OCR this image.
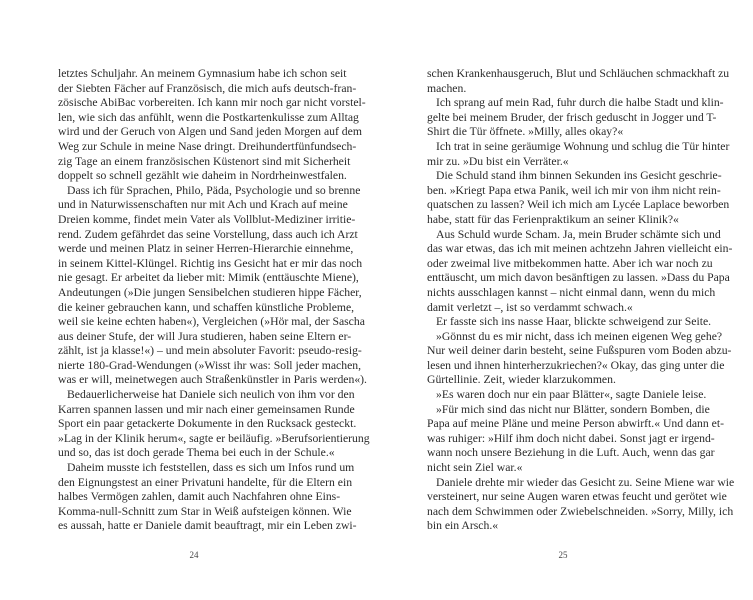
letztes Schuljahr. An meinem Gymnasium habe ich schon seit
der Siebten Fächer auf Französisch, die mich aufs deutsch-fran-
zösische AbiBac vorbereiten. Ich kann mir noch gar nicht vorstel-
len, wie sich das anfühlt, wenn die Postkartenkulisse zum Alltag
wird und der Geruch von Algen und Sand jeden Morgen auf dem
Weg zur Schule in meine Nase dringt. Dreihundertfünfundsech-
zig Tage an einem französischen Küstenort sind mit Sicherheit
doppelt so schnell gezählt wie daheim in Nordrheinwestfalen.
Dass ich für Sprachen, Philo, Päda, Psychologie und so brenne
und in Naturwissenschaften nur mit Ach und Krach auf meine
Dreien komme, findet mein Vater als Vollblut-Mediziner irritie-
rend. Zudem gefährdet das seine Vorstellung, dass auch ich Arzt
werde und meinen Platz in seiner Herren-Hierarchie einnehme,
in seinem Kittel-Klüngel. Richtig ins Gesicht hat er mir das noch
nie gesagt. Er arbeitet da lieber mit: Mimik (enttäuschte Miene),
Andeutungen (»Die jungen Sensibelchen studieren hippe Fächer,
die keiner gebrauchen kann, und schaffen künstliche Probleme,
weil sie keine echten haben«), Vergleichen (»Hör mal, der Sascha
aus deiner Stufe, der will Jura studieren, haben seine Eltern er-
zählt, ist ja klasse!«) – und mein absoluter Favorit: pseudo-resig-
nierte 180-Grad-Wendungen (»Wisst ihr was: Soll jeder machen,
was er will, meinetwegen auch Straßenkünstler in Paris werden«).
Bedauerlicherweise hat Daniele sich neulich von ihm vor den
Karren spannen lassen und mir nach einer gemeinsamen Runde
Sport ein paar getackerte Dokumente in den Rucksack gesteckt.
»Lag in der Klinik herum«, sagte er beiläufig. »Berufsorientierung
und so, das ist doch gerade Thema bei euch in der Schule.«
Daheim musste ich feststellen, dass es sich um Infos rund um
den Eignungstest an einer Privatuni handelte, für die Eltern ein
halbes Vermögen zahlen, damit auch Nachfahren ohne Eins-
Komma-null-Schnitt zum Star in Weiß aufsteigen können. Wie
es aussah, hatte er Daniele damit beauftragt, mir ein Leben zwi-
24
schen Krankenhausgeruch, Blut und Schläuchen schmackhaft zu
machen.
Ich sprang auf mein Rad, fuhr durch die halbe Stadt und klin-
gelte bei meinem Bruder, der frisch geduscht in Jogger und T-
Shirt die Tür öffnete. »Milly, alles okay?«
Ich trat in seine geräumige Wohnung und schlug die Tür hinter
mir zu. »Du bist ein Verräter.«
Die Schuld stand ihm binnen Sekunden ins Gesicht geschrie-
ben. »Kriegt Papa etwa Panik, weil ich mir von ihm nicht rein-
quatschen zu lassen? Weil ich mich am Lycée Laplace beworben
habe, statt für das Ferienpraktikum an seiner Klinik?«
Aus Schuld wurde Scham. Ja, mein Bruder schämte sich und
das war etwas, das ich mit meinen achtzehn Jahren vielleicht ein-
oder zweimal live mitbekommen hatte. Aber ich war noch zu
enttäuscht, um mich davon besänftigen zu lassen. »Dass du Papa
nichts ausschlagen kannst – nicht einmal dann, wenn du mich
damit verletzt –, ist so verdammt schwach.«
Er fasste sich ins nasse Haar, blickte schweigend zur Seite.
»Gönnst du es mir nicht, dass ich meinen eigenen Weg gehe?
Nur weil deiner darin besteht, seine Fußspuren vom Boden abzu-
lesen und ihnen hinterherzukriechen?« Okay, das ging unter die
Gürtellinie. Zeit, wieder klarzukommen.
»Es waren doch nur ein paar Blätter«, sagte Daniele leise.
»Für mich sind das nicht nur Blätter, sondern Bomben, die
Papa auf meine Pläne und meine Person abwirft.« Und dann et-
was ruhiger: »Hilf ihm doch nicht dabei. Sonst jagt er irgend-
wann noch unsere Beziehung in die Luft. Auch, wenn das gar
nicht sein Ziel war.«
Daniele drehte mir wieder das Gesicht zu. Seine Miene war wie
versteinert, nur seine Augen waren etwas feucht und gerötet wie
nach dem Schwimmen oder Zwiebelschneiden. »Sorry, Milly, ich
bin ein Arsch.«
25
